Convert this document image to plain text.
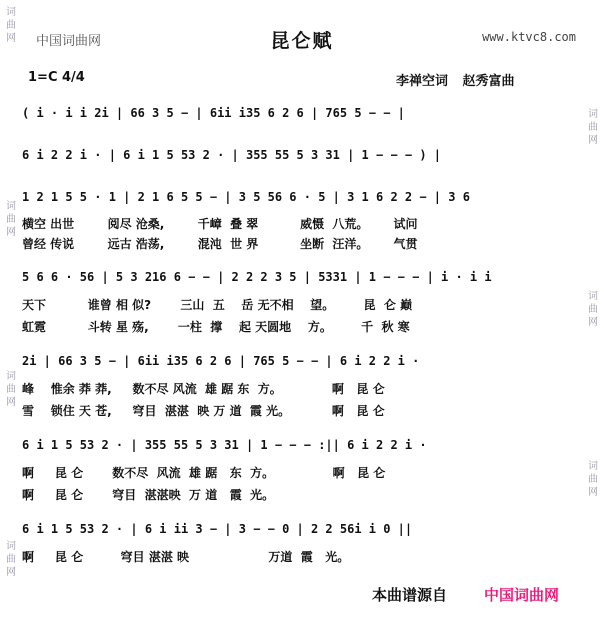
词
曲
网
词
曲
网
词
曲
网
词
曲
网
词
曲
网
词
曲
网
词
曲
网
中国词曲网	www.ktvc8.com
昆仑赋
1=C 4/4	李禅空词 赵秀富曲
( i · i i 2i | 66 3 5 − | 6ii i35 6 2 6 | 765 5 − − |
6 i 2 2 i · | 6 i 1 5 53 2 · | 355 55 5 3 31 | 1 − − − ) |
1 2 1 5 5 · 1 | 2 1 6 5 5 − | 3 5 56 6 · 5 | 3 1 6 2 2 − | 3 6
横空 出世        阅尽 沧桑,        千嶂  叠 翠          威慑  八荒。      试问
曾经 传说        远古 浩荡,        混沌  世 界          坐断  汪洋。      气贯
5 6 6 · 56 | 5 3 216 6 − − | 2 2 2 3 5 | 5331 | 1 − − − | i · i i
天下          谁曾 相 似?       三山  五    岳 无不相    望。       昆  仑 巅
虹霓          斗转 星 殇,       一柱  撑    起 天圆地    方。       千  秋 寒
2i | 66 3 5 − | 6ii i35 6 2 6 | 765 5 − − | 6 i 2 2 i ·
峰    惟余 莽 莽,     数不尽 风流  雄 踞 东  方。            啊   昆 仑
雪    锁住 天 苍,     穹目  湛湛  映 万 道  霞 光。          啊   昆 仑
6 i 1 5 53 2 · | 355 55 5 3 31 | 1 − − − :|| 6 i 2 2 i ·
啊     昆 仑       数不尽  风流  雄 踞   东  方。              啊   昆 仑
啊     昆 仑       穹目  湛湛映  万 道   霞  光。
6 i 1 5 53 2 · | 6 i ii 3 − | 3 − − 0 | 2 2 56i i 0 ||
啊     昆 仑         穹目 湛湛 映                   万道  霞   光。
本曲谱源自 中国词曲网
